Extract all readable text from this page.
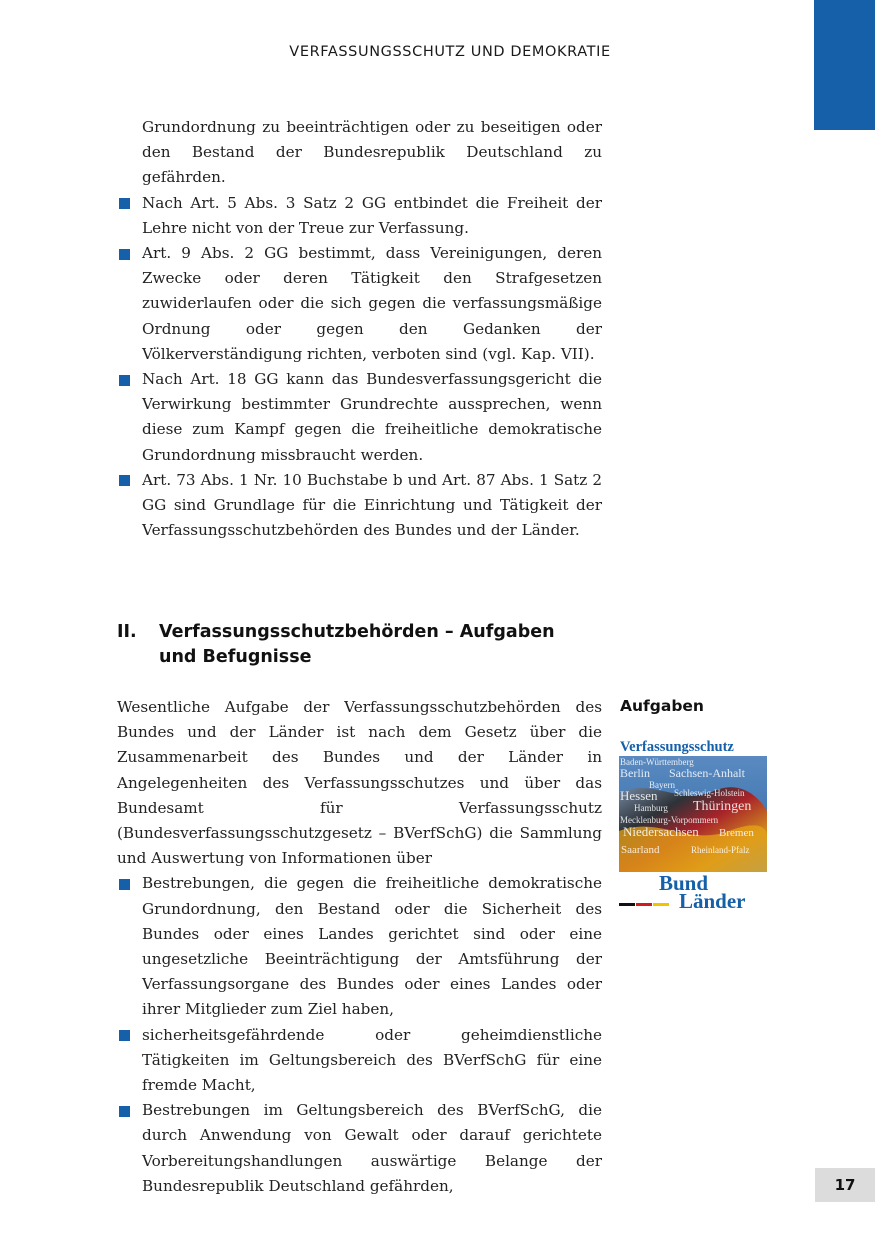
VERFASSUNGSSCHUTZ UND DEMOKRATIE

Grundordnung zu beeinträchtigen oder zu beseitigen oder den Bestand der Bundesrepublik Deutschland zu gefährden.

Nach Art. 5 Abs. 3 Satz 2 GG entbindet die Freiheit der Lehre nicht von der Treue zur Verfassung.
Art. 9 Abs. 2 GG bestimmt, dass Vereinigungen, deren Zwecke oder deren Tätigkeit den Strafgesetzen zuwiderlaufen oder die sich gegen die verfassungsmäßige Ordnung oder gegen den Gedanken der Völkerverständigung richten, verboten sind (vgl. Kap. VII).
Nach Art. 18 GG kann das Bundesverfassungsgericht die Verwirkung bestimmter Grundrechte aussprechen, wenn diese zum Kampf gegen die freiheitliche demokratische Grundordnung missbraucht werden.
Art. 73 Abs. 1 Nr. 10 Buchstabe b und Art. 87 Abs. 1 Satz 2 GG sind Grundlage für die Einrichtung und Tätigkeit der Verfassungsschutzbehörden des Bundes und der Länder.
II.	Verfassungsschutzbehörden – Aufgaben und Befugnisse
Aufgaben

Wesentliche Aufgabe der Verfassungsschutzbehörden des Bundes und der Länder ist nach dem Gesetz über die Zusammenarbeit des Bundes und der Länder in Angelegenheiten des Verfassungsschutzes und über das Bundesamt für Verfassungsschutz (Bundesverfassungsschutzgesetz – BVerfSchG) die Sammlung und Auswertung von Informationen über

Bestrebungen, die gegen die freiheitliche demokratische Grundordnung, den Bestand oder die Sicherheit des Bundes oder eines Landes gerichtet sind oder eine ungesetzliche Beeinträchtigung der Amtsführung der Verfassungsorgane des Bundes oder eines Landes oder ihrer Mitglieder zum Ziel haben,
sicherheitsgefährdende oder geheimdienstliche Tätigkeiten im Geltungsbereich des BVerfSchG für eine fremde Macht,
Bestrebungen im Geltungsbereich des BVerfSchG, die durch Anwendung von Gewalt oder darauf gerichtete Vorbereitungshandlungen auswärtige Belange der Bundesrepublik Deutschland gefährden,
Verfassungsschutz
Baden-Württemberg
Berlin Sachsen-Anhalt
Bayern
Hessen Schleswig-Holstein
Hamburg Thüringen
Mecklenburg-Vorpommern
Niedersachsen Bremen
Saarland	Rheinland-Pfalz
Bund
Länder
17
